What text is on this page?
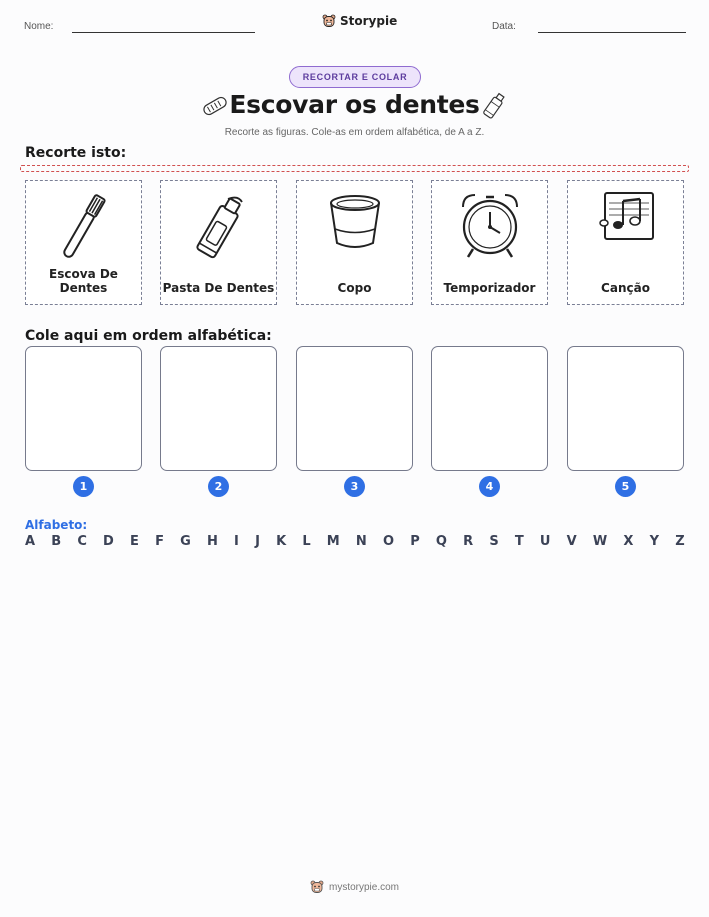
Nome:	Storypie	Data:
RECORTAR E COLAR
Escovar os dentes
Recorte as figuras. Cole-as em ordem alfabética, de A a Z.
Recorte isto:
Escova De Dentes	Pasta De Dentes	Copo	Temporizador	Canção
Cole aqui em ordem alfabética:
1	2	3	4	5
Alfabeto:
A B C D E F G H I J K L M N O P Q R S T U V W X Y Z
mystorypie.com
